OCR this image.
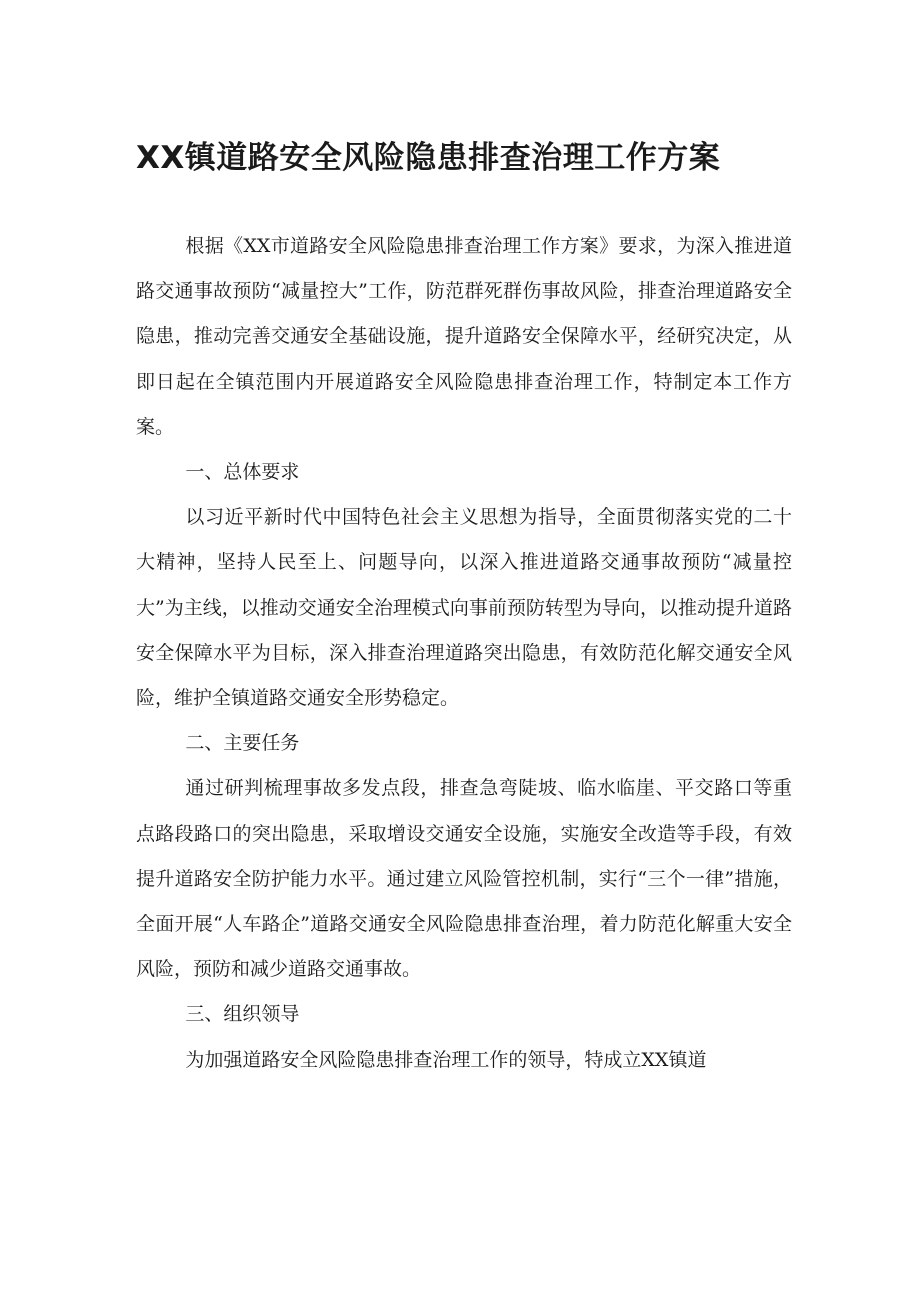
XX镇道路安全风险隐患排查治理工作方案

根据《XX市道路安全风险隐患排查治理工作方案》要求，为深入推进道路交通事故预防“减量控大”工作，防范群死群伤事故风险，排查治理道路安全隐患，推动完善交通安全基础设施，提升道路安全保障水平，经研究决定，从即日起在全镇范围内开展道路安全风险隐患排查治理工作，特制定本工作方案。

一、总体要求

以习近平新时代中国特色社会主义思想为指导，全面贯彻落实党的二十大精神，坚持人民至上、问题导向，以深入推进道路交通事故预防“减量控大”为主线，以推动交通安全治理模式向事前预防转型为导向，以推动提升道路安全保障水平为目标，深入排查治理道路突出隐患，有效防范化解交通安全风险，维护全镇道路交通安全形势稳定。

二、主要任务

通过研判梳理事故多发点段，排查急弯陡坡、临水临崖、平交路口等重点路段路口的突出隐患，采取增设交通安全设施，实施安全改造等手段，有效提升道路安全防护能力水平。通过建立风险管控机制，实行“三个一律”措施，全面开展“人车路企”道路交通安全风险隐患排查治理，着力防范化解重大安全风险，预防和减少道路交通事故。

三、组织领导

为加强道路安全风险隐患排查治理工作的领导，特成立XX镇道
